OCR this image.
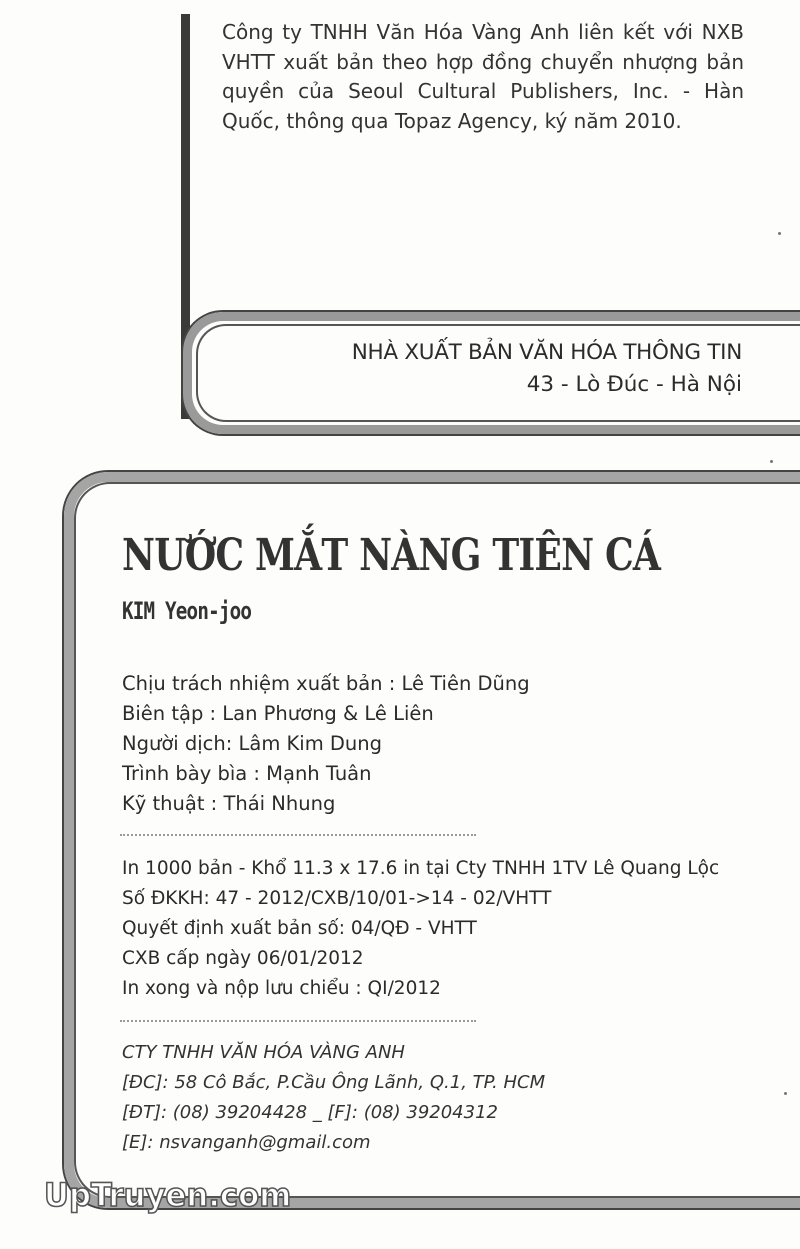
Công ty TNHH Văn Hóa Vàng Anh liên kết với NXB VHTT xuất bản theo hợp đồng chuyển nhượng bản quyền của Seoul Cultural Publishers, Inc. - Hàn Quốc, thông qua Topaz Agency, ký năm 2010.
NHÀ XUẤT BẢN VĂN HÓA THÔNG TIN
43 - Lò Đúc - Hà Nội
NƯỚC MẮT NÀNG TIÊN CÁ
KIM Yeon-joo
Chịu trách nhiệm xuất bản : Lê Tiên Dũng
Biên tập : Lan Phương & Lê Liên
Người dịch: Lâm Kim Dung
Trình bày bìa : Mạnh Tuân
Kỹ thuật : Thái Nhung
In 1000 bản - Khổ 11.3 x 17.6 in tại Cty TNHH 1TV Lê Quang Lộc
Số ĐKKH: 47 - 2012/CXB/10/01->14 - 02/VHTT
Quyết định xuất bản số: 04/QĐ - VHTT
CXB cấp ngày 06/01/2012
In xong và nộp lưu chiểu : QI/2012
CTY TNHH VĂN HÓA VÀNG ANH
[ĐC]: 58 Cô Bắc, P.Cầu Ông Lãnh, Q.1, TP. HCM
[ĐT]: (08) 39204428 _ [F]: (08) 39204312
[E]: nsvanganh@gmail.com
UpTruyen.com
